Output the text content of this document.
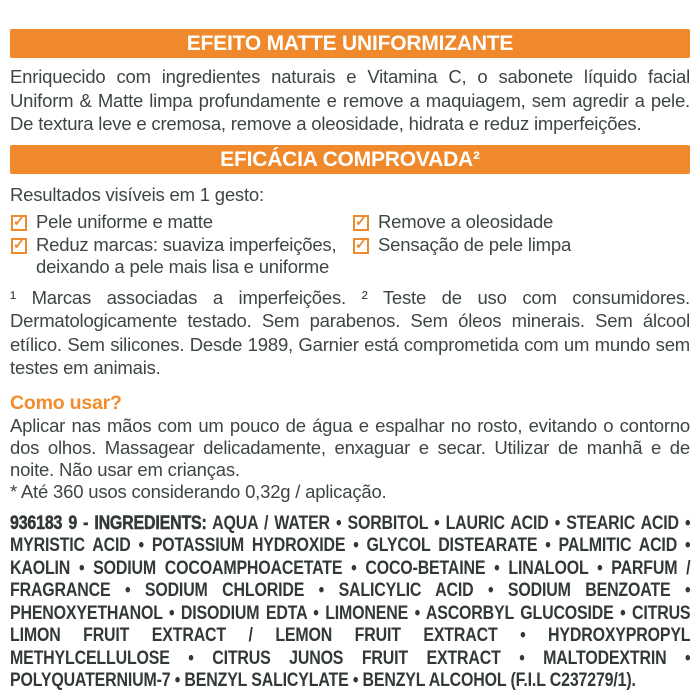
EFEITO MATTE UNIFORMIZANTE

Enriquecido com ingredientes naturais e Vitamina C, o sabonete líquido facial Uniform & Matte limpa profundamente e remove a maquiagem, sem agredir a pele. De textura leve e cremosa, remove a oleosidade, hidrata e reduz imperfeições.

EFICÁCIA COMPROVADA²

Resultados visíveis em 1 gesto:

✓
Pele uniforme e matte
✓
Reduz marcas: suaviza imperfeições, deixando a pele mais lisa e uniforme
✓
Remove a oleosidade
✓
Sensação de pele limpa

¹ Marcas associadas a imperfeições. ² Teste de uso com consumidores. Dermatologicamente testado. Sem parabenos. Sem óleos minerais. Sem álcool etílico. Sem silicones. Desde 1989, Garnier está comprometida com um mundo sem testes em animais.

Como usar?

Aplicar nas mãos com um pouco de água e espalhar no rosto, evitando o contorno dos olhos. Massagear delicadamente, enxaguar e secar. Utilizar de manhã e de noite. Não usar em crianças.

* Até 360 usos considerando 0,32g / aplicação.

936183 9 - INGREDIENTS: AQUA / WATER • SORBITOL • LAURIC ACID • STEARIC ACID • MYRISTIC ACID • POTASSIUM HYDROXIDE • GLYCOL DISTEARATE • PALMITIC ACID • KAOLIN • SODIUM COCOAMPHOACETATE • COCO-BETAINE • LINALOOL • PARFUM / FRAGRANCE • SODIUM CHLORIDE • SALICYLIC ACID • SODIUM BENZOATE • PHENOXYETHANOL • DISODIUM EDTA • LIMONENE • ASCORBYL GLUCOSIDE • CITRUS LIMON FRUIT EXTRACT / LEMON FRUIT EXTRACT • HYDROXYPROPYL METHYLCELLULOSE • CITRUS JUNOS FRUIT EXTRACT • MALTODEXTRIN • POLYQUATERNIUM-7 • BENZYL SALICYLATE • BENZYL ALCOHOL (F.I.L C237279/1).
